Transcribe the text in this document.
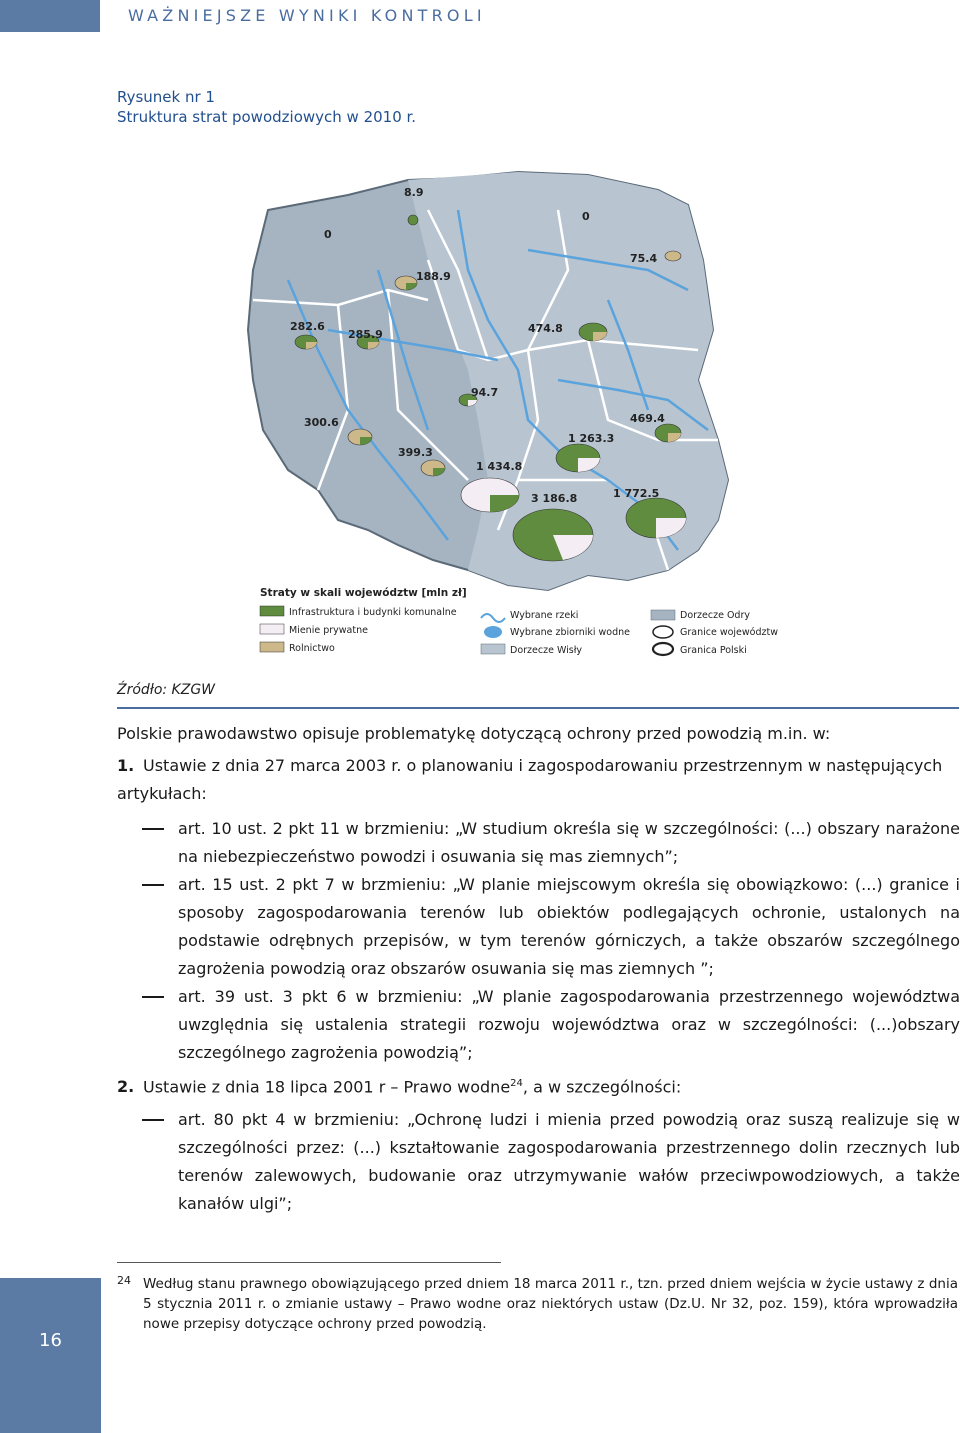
WAŻNIEJSZE WYNIKI KONTROLI
Rysunek nr 1
Struktura strat powodziowych w 2010 r.
8.9
0
0
75.4
188.9
282.6
285.9	474.8
94.7
469.4
300.6
1 263.3
399.3
1 434.8
3 186.8	1 772.5
Straty w skali województw [mln zł]
Infrastruktura i budynki komunalne
Mienie prywatne
Rolnictwo
Wybrane rzeki
Wybrane zbiorniki wodne
Dorzecze Wisły
Dorzecze Odry
Granice województw
Granica Polski
Źródło: KZGW
Polskie prawodawstwo opisuje problematykę dotyczącą ochrony przed powodzią m.in. w:
1. Ustawie z dnia 27 marca 2003 r. o planowaniu i zagospodarowaniu przestrzennym w następujących artykułach:
art. 10 ust. 2 pkt 11 w brzmieniu: „W studium określa się w szczególności: (...) obszary narażone na niebezpieczeństwo powodzi i osuwania się mas ziemnych”;
art. 15 ust. 2 pkt 7 w brzmieniu: „W planie miejscowym określa się obowiązkowo: (...) granice i sposoby zagospodarowania terenów lub obiektów podlegających ochronie, ustalonych na podstawie odrębnych przepisów, w tym terenów górniczych, a także obszarów szczególnego zagrożenia powodzią oraz obszarów osuwania się mas ziemnych ”;
art. 39 ust. 3 pkt 6 w brzmieniu: „W planie zagospodarowania przestrzennego województwa uwzględnia się ustalenia strategii rozwoju województwa oraz w szczególności: (...)obszary szczególnego zagrożenia powodzią”;
2. Ustawie z dnia 18 lipca 2001 r – Prawo wodne$^{24}$, a w szczególności:
art. 80 pkt 4 w brzmieniu: „Ochronę ludzi i mienia przed powodzią oraz suszą realizuje się w szczególności przez: (...) kształtowanie zagospodarowania przestrzennego dolin rzecznych lub terenów zalewowych, budowanie oraz utrzymywanie wałów przeciwpowodziowych, a także kanałów ulgi”;
24 Według stanu prawnego obowiązującego przed dniem 18 marca 2011 r., tzn. przed dniem wejścia w życie ustawy z dnia 5 stycznia 2011 r. o zmianie ustawy – Prawo wodne oraz niektórych ustaw (Dz.U. Nr 32, poz. 159), która wprowadziła nowe przepisy dotyczące ochrony przed powodzią.
16
